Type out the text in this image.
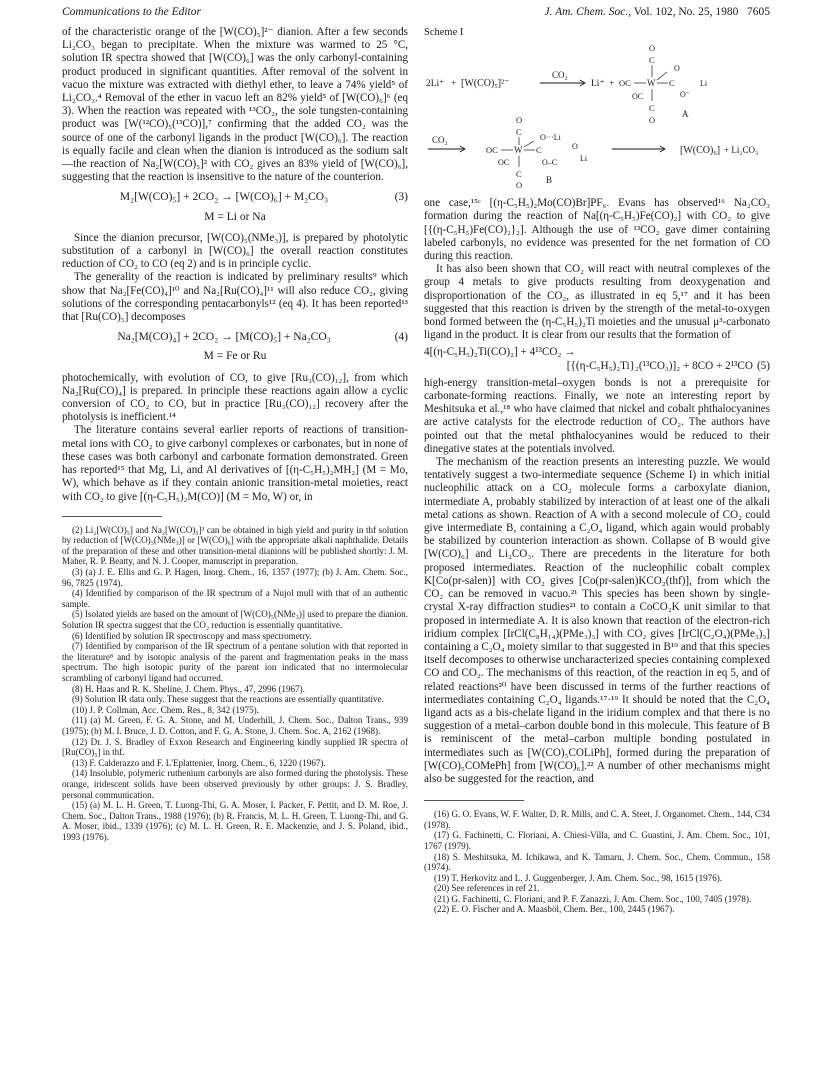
Communications to the Editor	J. Am. Chem. Soc., Vol. 102, No. 25, 1980 7605

of the characteristic orange of the [W(CO)₅]²⁻ dianion. After a few seconds Li₂CO₃ began to precipitate. When the mixture was warmed to 25 °C, solution IR spectra showed that [W(CO)₆] was the only carbonyl-containing product produced in significant quantities. After removal of the solvent in vacuo the mixture was extracted with diethyl ether, to leave a 74% yield⁵ of Li₂CO₃.⁴ Removal of the ether in vacuo left an 82% yield⁵ of [W(CO)₆]⁶ (eq 3). When the reaction was repeated with ¹³CO₂, the sole tungsten-containing product was [W(¹²CO)₅(¹³CO)],⁷ confirming that the added CO₂ was the source of one of the carbonyl ligands in the product [W(CO)₆]. The reaction is equally facile and clean when the dianion is introduced as the sodium salt—the reaction of Na₂[W(CO)₅]² with CO₂ gives an 83% yield of [W(CO)₆], suggesting that the reaction is insensitive to the nature of the counterion.

M₂[W(CO)₅] + 2CO₂ → [W(CO)₆] + M₂CO₃	(3)
M = Li or Na

Since the dianion precursor, [W(CO)₅(NMe₃)], is prepared by photolytic substitution of a carbonyl in [W(CO)₆] the overall reaction constitutes reduction of CO₂ to CO (eq 2) and is in principle cyclic.

The generality of the reaction is indicated by preliminary results⁹ which show that Na₂[Fe(CO)₄]¹⁰ and Na₂[Ru(CO)₄]¹¹ will also reduce CO₂, giving solutions of the corresponding pentacarbonyls¹² (eq 4). It has been reported¹³ that [Ru(CO)₅] decomposes

Na₂[M(CO)₄] + 2CO₂ → [M(CO)₅] + Na₂CO₃	(4)
M = Fe or Ru

photochemically, with evolution of CO, to give [Ru₃(CO)₁₂], from which Na₂[Ru(CO)₄] is prepared. In principle these reactions again allow a cyclic conversion of CO₂ to CO, but in practice [Ru₃(CO)₁₂] recovery after the photolysis is inefficient.¹⁴

The literature contains several earlier reports of reactions of transition-metal ions with CO₂ to give carbonyl complexes or carbonates, but in none of these cases was both carbonyl and carbonate formation demonstrated. Green has reported¹⁵ that Mg, Li, and Al derivatives of [(η-C₅H₅)₂MH₂] (M = Mo, W), which behave as if they contain anionic transition-metal moieties, react with CO₂ to give [(η-C₅H₅)₂M(CO)] (M = Mo, W) or, in

(2) Li₂[W(CO)₅] and Na₂[W(CO)₅]³ can be obtained in high yield and purity in thf solution by reduction of [W(CO)₅(NMe₃)] or [W(CO)₆] with the appropriate alkali naphthalide. Details of the preparation of these and other transition-metal dianions will be published shortly: J. M. Maher, R. P. Beatty, and N. J. Cooper, manuscript in preparation.

(3) (a) J. E. Ellis and G. P. Hagen, Inorg. Chem., 16, 1357 (1977); (b) J. Am. Chem. Soc., 96, 7825 (1974).

(4) Identified by comparison of the IR spectrum of a Nujol mull with that of an authentic sample.

(5) Isolated yields are based on the amount of [W(CO)₅(NMe₃)] used to prepare the dianion. Solution IR spectra suggest that the CO₂ reduction is essentially quantitative.

(6) Identified by solution IR spectroscopy and mass spectrometry.

(7) Identified by comparison of the IR spectrum of a pentane solution with that reported in the literature⁸ and by isotopic analysis of the parent and fragmentation peaks in the mass spectrum. The high isotopic purity of the parent ion indicated that no intermolecular scrambling of carbonyl ligand had occurred.

(8) H. Haas and R. K. Sheline, J. Chem. Phys., 47, 2996 (1967).

(9) Solution IR data only. These suggest that the reactions are essentially quantitative.

(10) J. P. Collman, Acc. Chem. Res., 8, 342 (1975).

(11) (a) M. Green, F. G. A. Stone, and M. Underhill, J. Chem. Soc., Dalton Trans., 939 (1975); (b) M. I. Bruce, J. D. Cotton, and F. G. A. Stone, J. Chem. Soc. A, 2162 (1968).

(12) Dr. J. S. Bradley of Exxon Research and Engineering kindly supplied IR spectra of [Ru(CO)₅] in thf.

(13) F. Calderazzo and F. L'Eplattenier, Inorg. Chem., 6, 1220 (1967).

(14) Insoluble, polymeric ruthenium carbonyls are also formed during the photolysis. These orange, iridescent solids have been observed previously by other groups: J. S. Bradley, personal communication.

(15) (a) M. L. H. Green, T. Luong-Thi, G. A. Moser, I. Packer, F. Pettit, and D. M. Roe, J. Chem. Soc., Dalton Trans., 1988 (1976); (b) R. Francis, M. L. H. Green, T. Luong-Thi, and G. A. Moser, ibid., 1339 (1976); (c) M. L. H. Green, R. E. Mackenzie, and J. S. Poland, ibid., 1993 (1976).

Scheme I
2Li⁺ + [W(CO)₅]²⁻
CO₂
Li⁺ +
O
C
OC W C
O
O⁻
Li
OC
C
O
A
CO₂
O
C
OC W C
O···Li
O–C
O
Li
OC
C
O	B
[W(CO)₆] + Li₂CO₃

one case,¹⁵ᶜ [(η-C₅H₅)₂Mo(CO)Br]PF₆. Evans has observed¹⁶ Na₂CO₃ formation during the reaction of Na[(η-C₅H₅)Fe(CO)₂] with CO₂ to give [{(η-C₅H₅)Fe(CO)₂}₂]. Although the use of ¹³CO₂ gave dimer containing labeled carbonyls, no evidence was presented for the net formation of CO during this reaction.

It has also been shown that CO₂ will react with neutral complexes of the group 4 metals to give products resulting from deoxygenation and disproportionation of the CO₂, as illustrated in eq 5,¹⁷ and it has been suggested that this reaction is driven by the strength of the metal-to-oxygen bond formed between the (η-C₅H₅)₂Ti moieties and the unusual μ³-carbonato ligand in the product. It is clear from our results that the formation of

4[(η-C₅H₅)₂Ti(CO)₂] + 4¹³CO₂ →
[{(η-C₅H₅)₂Ti}₂(¹³CO₃)]₂ + 8CO + 2¹³CO (5)

high-energy transition-metal–oxygen bonds is not a prerequisite for carbonate-forming reactions. Finally, we note an interesting report by Meshitsuka et al.,¹⁸ who have claimed that nickel and cobalt phthalocyanines are active catalysts for the electrode reduction of CO₂. The authors have pointed out that the metal phthalocyanines would be reduced to their dinegative states at the potentials involved.

The mechanism of the reaction presents an interesting puzzle. We would tentatively suggest a two-intermediate sequence (Scheme I) in which initial nucleophilic attack on a CO₂ molecule forms a carboxylate dianion, intermediate A, probably stabilized by interaction of at least one of the alkali metal cations as shown. Reaction of A with a second molecule of CO₂ could give intermediate B, containing a C₂O₄ ligand, which again would probably be stabilized by counterion interaction as shown. Collapse of B would give [W(CO)₆] and Li₂CO₃. There are precedents in the literature for both proposed intermediates. Reaction of the nucleophilic cobalt complex K[Co(pr-salen)] with CO₂ gives [Co(pr-salen)KCO₂(thf)], from which the CO₂ can be removed in vacuo.²¹ This species has been shown by single-crystal X-ray diffraction studies²¹ to contain a CoCO₂K unit similar to that proposed in intermediate A. It is also known that reaction of the electron-rich iridium complex [IrCl(C₈H₁₄)(PMe₃)₃] with CO₂ gives [IrCl(C₂O₄)(PMe₃)₃] containing a C₂O₄ moiety similar to that suggested in B¹⁹ and that this species itself decomposes to otherwise uncharacterized species containing complexed CO and CO₂. The mechanisms of this reaction, of the reaction in eq 5, and of related reactions²⁰ have been discussed in terms of the further reactions of intermediates containing C₂O₄ ligands.¹⁷·¹⁹ It should be noted that the C₂O₄ ligand acts as a bis-chelate ligand in the iridium complex and that there is no suggestion of a metal–carbon double bond in this molecule. This feature of B is reminiscent of the metal–carbon multiple bonding postulated in intermediates such as [W(CO)₅COLiPh], formed during the preparation of [W(CO)₅COMePh] from [W(CO)₆].²² A number of other mechanisms might also be suggested for the reaction, and

(16) G. O. Evans, W. F. Walter, D. R. Mills, and C. A. Steet, J. Organomet. Chem., 144, C34 (1978).

(17) G. Fachinetti, C. Floriani, A. Chiesi-Villa, and C. Guastini, J. Am. Chem. Soc., 101, 1767 (1979).

(18) S. Meshitsuka, M. Ichikawa, and K. Tamaru, J. Chem. Soc., Chem. Commun., 158 (1974).

(19) T. Herkovitz and L. J. Guggenberger, J. Am. Chem. Soc., 98, 1615 (1976).

(20) See references in ref 21.

(21) G. Fachinetti, C. Floriani, and P. F. Zanazzi, J. Am. Chem. Soc., 100, 7405 (1978).

(22) E. O. Fischer and A. Maasböl, Chem. Ber., 100, 2445 (1967).
